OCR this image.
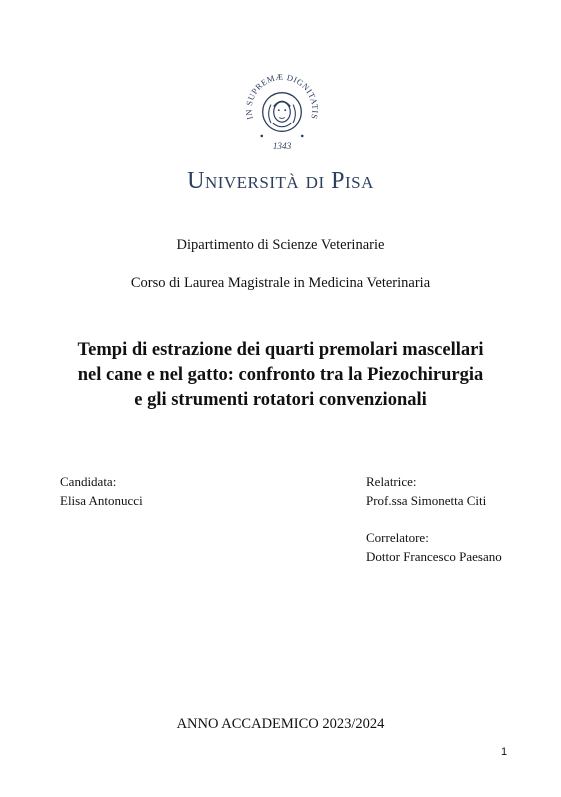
IN SUPREMÆ DIGNITATIS
1343
Università di Pisa
Dipartimento di Scienze Veterinarie
Corso di Laurea Magistrale in Medicina Veterinaria
Tempi di estrazione dei quarti premolari mascellari
nel cane e nel gatto: confronto tra la Piezochirurgia
e gli strumenti rotatori convenzionali
Candidata:
Elisa Antonucci
Relatrice:
Prof.ssa Simonetta Citi
Correlatore:
Dottor Francesco Paesano
ANNO ACCADEMICO 2023/2024
1
